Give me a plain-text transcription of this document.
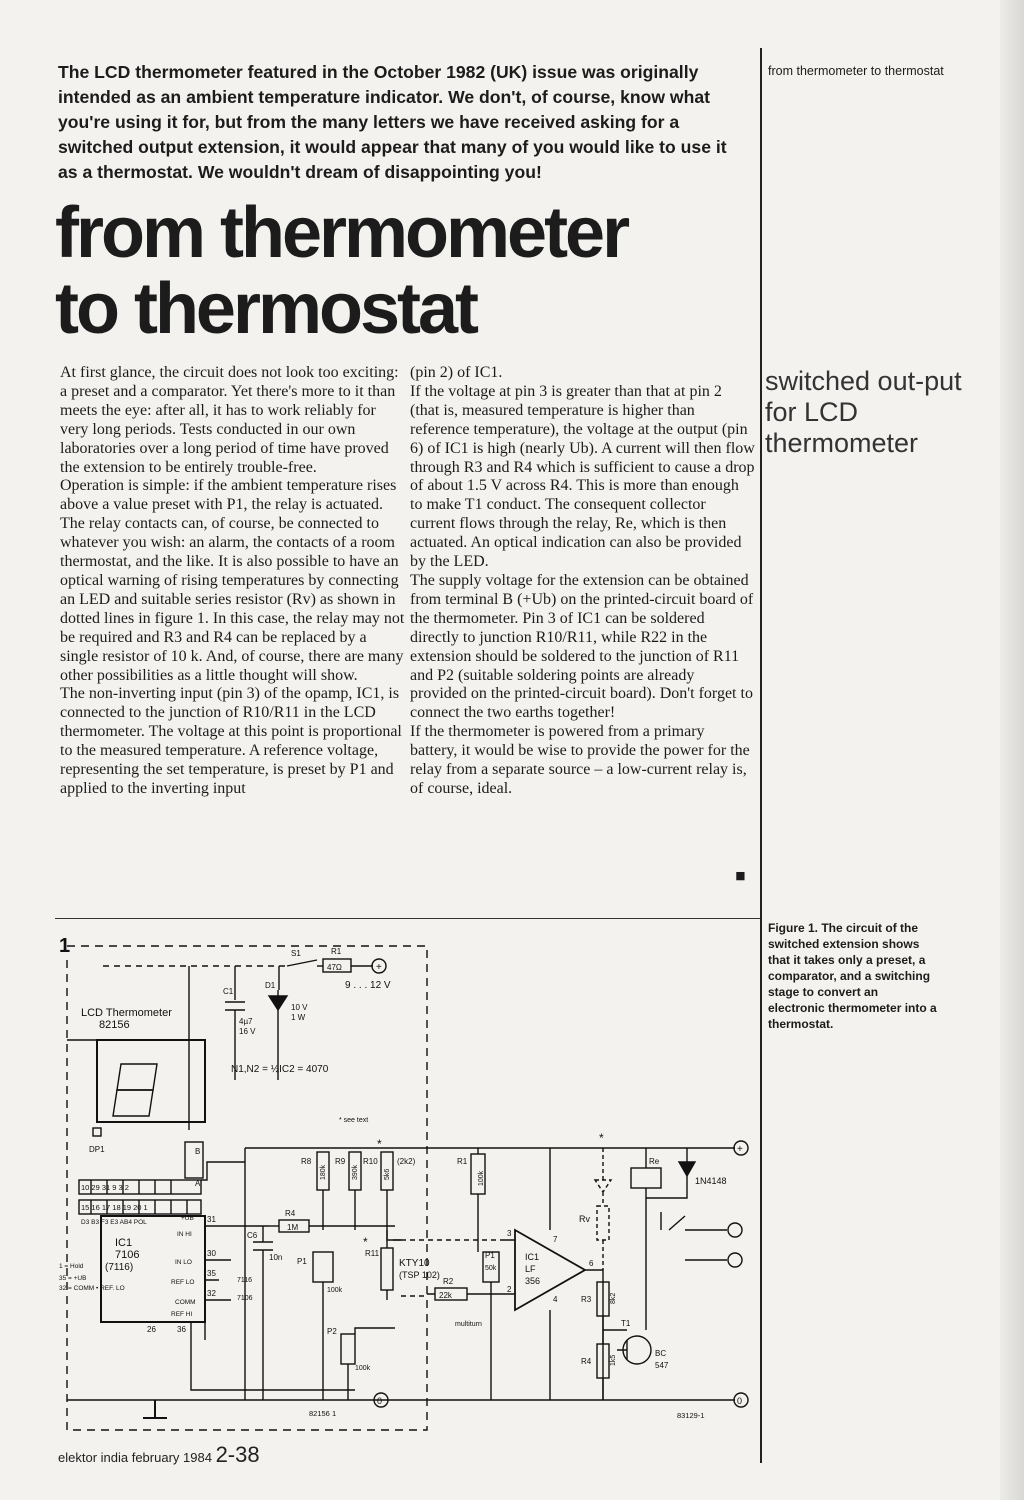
The LCD thermometer featured in the October 1982 (UK) issue was originally intended as an ambient temperature indicator. We don't, of course, know what you're using it for, but from the many letters we have received asking for a switched output extension, it would appear that many of you would like to use it as a thermostat. We wouldn't dream of disappointing you!

from thermometer
to thermostat

from thermometer to thermostat

switched out-put for LCD thermometer

At first glance, the circuit does not look too exciting: a preset and a comparator. Yet there's more to it than meets the eye: after all, it has to work reliably for very long periods. Tests conducted in our own laboratories over a long period of time have proved the extension to be entirely trouble-free.

Operation is simple: if the ambient temperature rises above a value preset with P1, the relay is actuated. The relay contacts can, of course, be connected to whatever you wish: an alarm, the contacts of a room thermostat, and the like. It is also possible to have an optical warning of rising temperatures by connecting an LED and suitable series resistor (Rv) as shown in dotted lines in figure 1. In this case, the relay may not be required and R3 and R4 can be replaced by a single resistor of 10 k. And, of course, there are many other possibilities as a little thought will show.

The non-inverting input (pin 3) of the opamp, IC1, is connected to the junction of R10/R11 in the LCD thermometer. The voltage at this point is proportional to the measured temperature. A reference voltage, representing the set temperature, is preset by P1 and applied to the inverting input

(pin 2) of IC1.

If the voltage at pin 3 is greater than that at pin 2 (that is, measured temperature is higher than reference temperature), the voltage at the output (pin 6) of IC1 is high (nearly Ub). A current will then flow through R3 and R4 which is sufficient to cause a drop of about 1.5 V across R4. This is more than enough to make T1 conduct. The consequent collector current flows through the relay, Re, which is then actuated. An optical indication can also be provided by the LED.

The supply voltage for the extension can be obtained from terminal B (+Ub) on the printed-circuit board of the thermometer. Pin 3 of IC1 can be soldered directly to junction R10/R11, while R22 in the extension should be soldered to the junction of R11 and P2 (suitable soldering points are already provided on the printed-circuit board). Don't forget to connect the two earths together!

If the thermometer is powered from a primary battery, it would be wise to provide the power for the relay from a separate source – a low-current relay is, of course, ideal.

◾

Figure 1. The circuit of the switched extension shows that it takes only a preset, a comparator, and a switching stage to convert an electronic thermometer into a thermostat.

1
LCD Thermometer
82156
DP1
S1	R1
47Ω	+
9 . . . 12 V
C1
4µ7
16 V
D1
10 V
1 W
N1,N2 = ½IC2 = 4070
* see text
B
A
10 29 31 9 3 2
15 16 17 18 19 20 1
D3 B3 F3 E3 AB4 POL
IC1
7106
(7116)
1 = Hold
35 = +UB
32 = COMM • REF. LO
IN HI
+UB
IN LO
REF LO
COMM
REF HI
31
30
35
32
26	36
C6
10n
R4
1M
R8
180k
R9
390k
R10
5k6
(2k2)
*
P1
100k
R11
*
KTY10
(TSP 102)
7116
7106
P2
100k
R1
100k
P1
50k
R2
22k
multiturn
IC1
LF
356
7
3
2
6
4
Rv
R3	8k2
R4	1k5
T1
BC
547
Re
1N4148
*
+
0
0
82156 1	83129-1
elektor india february 1984 2-38
